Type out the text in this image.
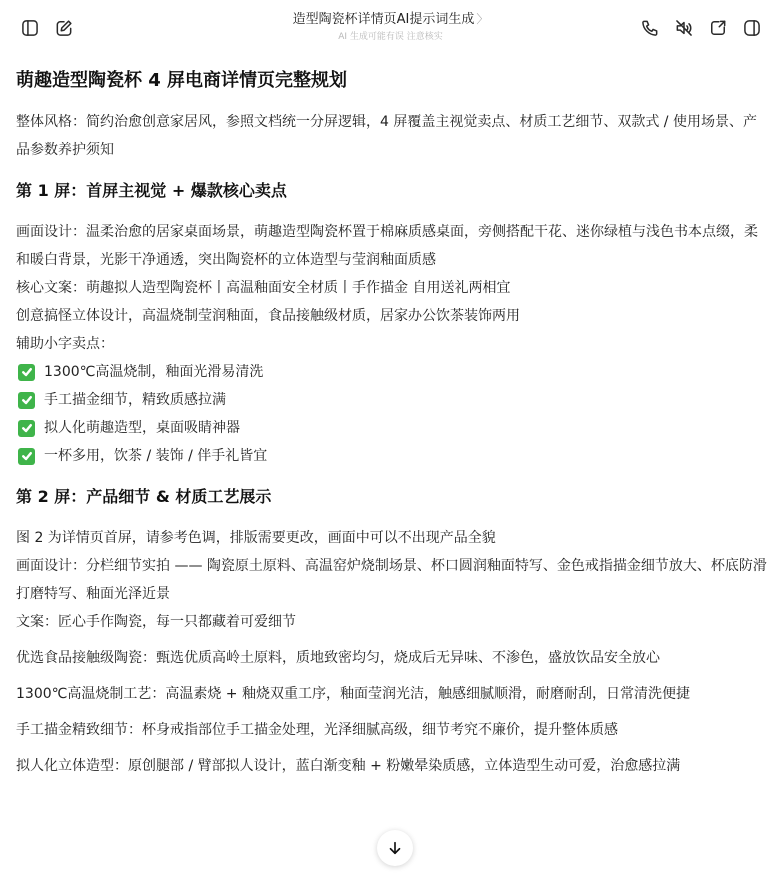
造型陶瓷杯详情页AI提示词生成 〉
AI 生成可能有误 注意核实
萌趣造型陶瓷杯 4 屏电商详情页完整规划

整体风格：简约治愈创意家居风，参照文档统一分屏逻辑，4 屏覆盖主视觉卖点、材质工艺细节、双款式 / 使用场景、产品参数养护须知

第 1 屏：首屏主视觉 + 爆款核心卖点

画面设计：温柔治愈的居家桌面场景，萌趣造型陶瓷杯置于棉麻质感桌面，旁侧搭配干花、迷你绿植与浅色书本点缀，柔和暖白背景，光影干净通透，突出陶瓷杯的立体造型与莹润釉面质感

核心文案：萌趣拟人造型陶瓷杯丨高温釉面安全材质丨手作描金 自用送礼两相宜

创意搞怪立体设计，高温烧制莹润釉面，食品接触级材质，居家办公饮茶装饰两用

辅助小字卖点：

1300℃高温烧制，釉面光滑易清洗
手工描金细节，精致质感拉满
拟人化萌趣造型，桌面吸睛神器
一杯多用，饮茶 / 装饰 / 伴手礼皆宜
第 2 屏：产品细节 & 材质工艺展示

图 2 为详情页首屏，请参考色调，排版需要更改，画面中可以不出现产品全貌

画面设计：分栏细节实拍 —— 陶瓷原土原料、高温窑炉烧制场景、杯口圆润釉面特写、金色戒指描金细节放大、杯底防滑打磨特写、釉面光泽近景

文案：匠心手作陶瓷，每一只都藏着可爱细节

优选食品接触级陶瓷：甄选优质高岭土原料，质地致密均匀，烧成后无异味、不渗色，盛放饮品安全放心

1300℃高温烧制工艺：高温素烧 + 釉烧双重工序，釉面莹润光洁，触感细腻顺滑，耐磨耐刮，日常清洗便捷

手工描金精致细节：杯身戒指部位手工描金处理，光泽细腻高级，细节考究不廉价，提升整体质感

拟人化立体造型：原创腿部 / 臂部拟人设计，蓝白渐变釉 + 粉嫩晕染质感，立体造型生动可爱，治愈感拉满
